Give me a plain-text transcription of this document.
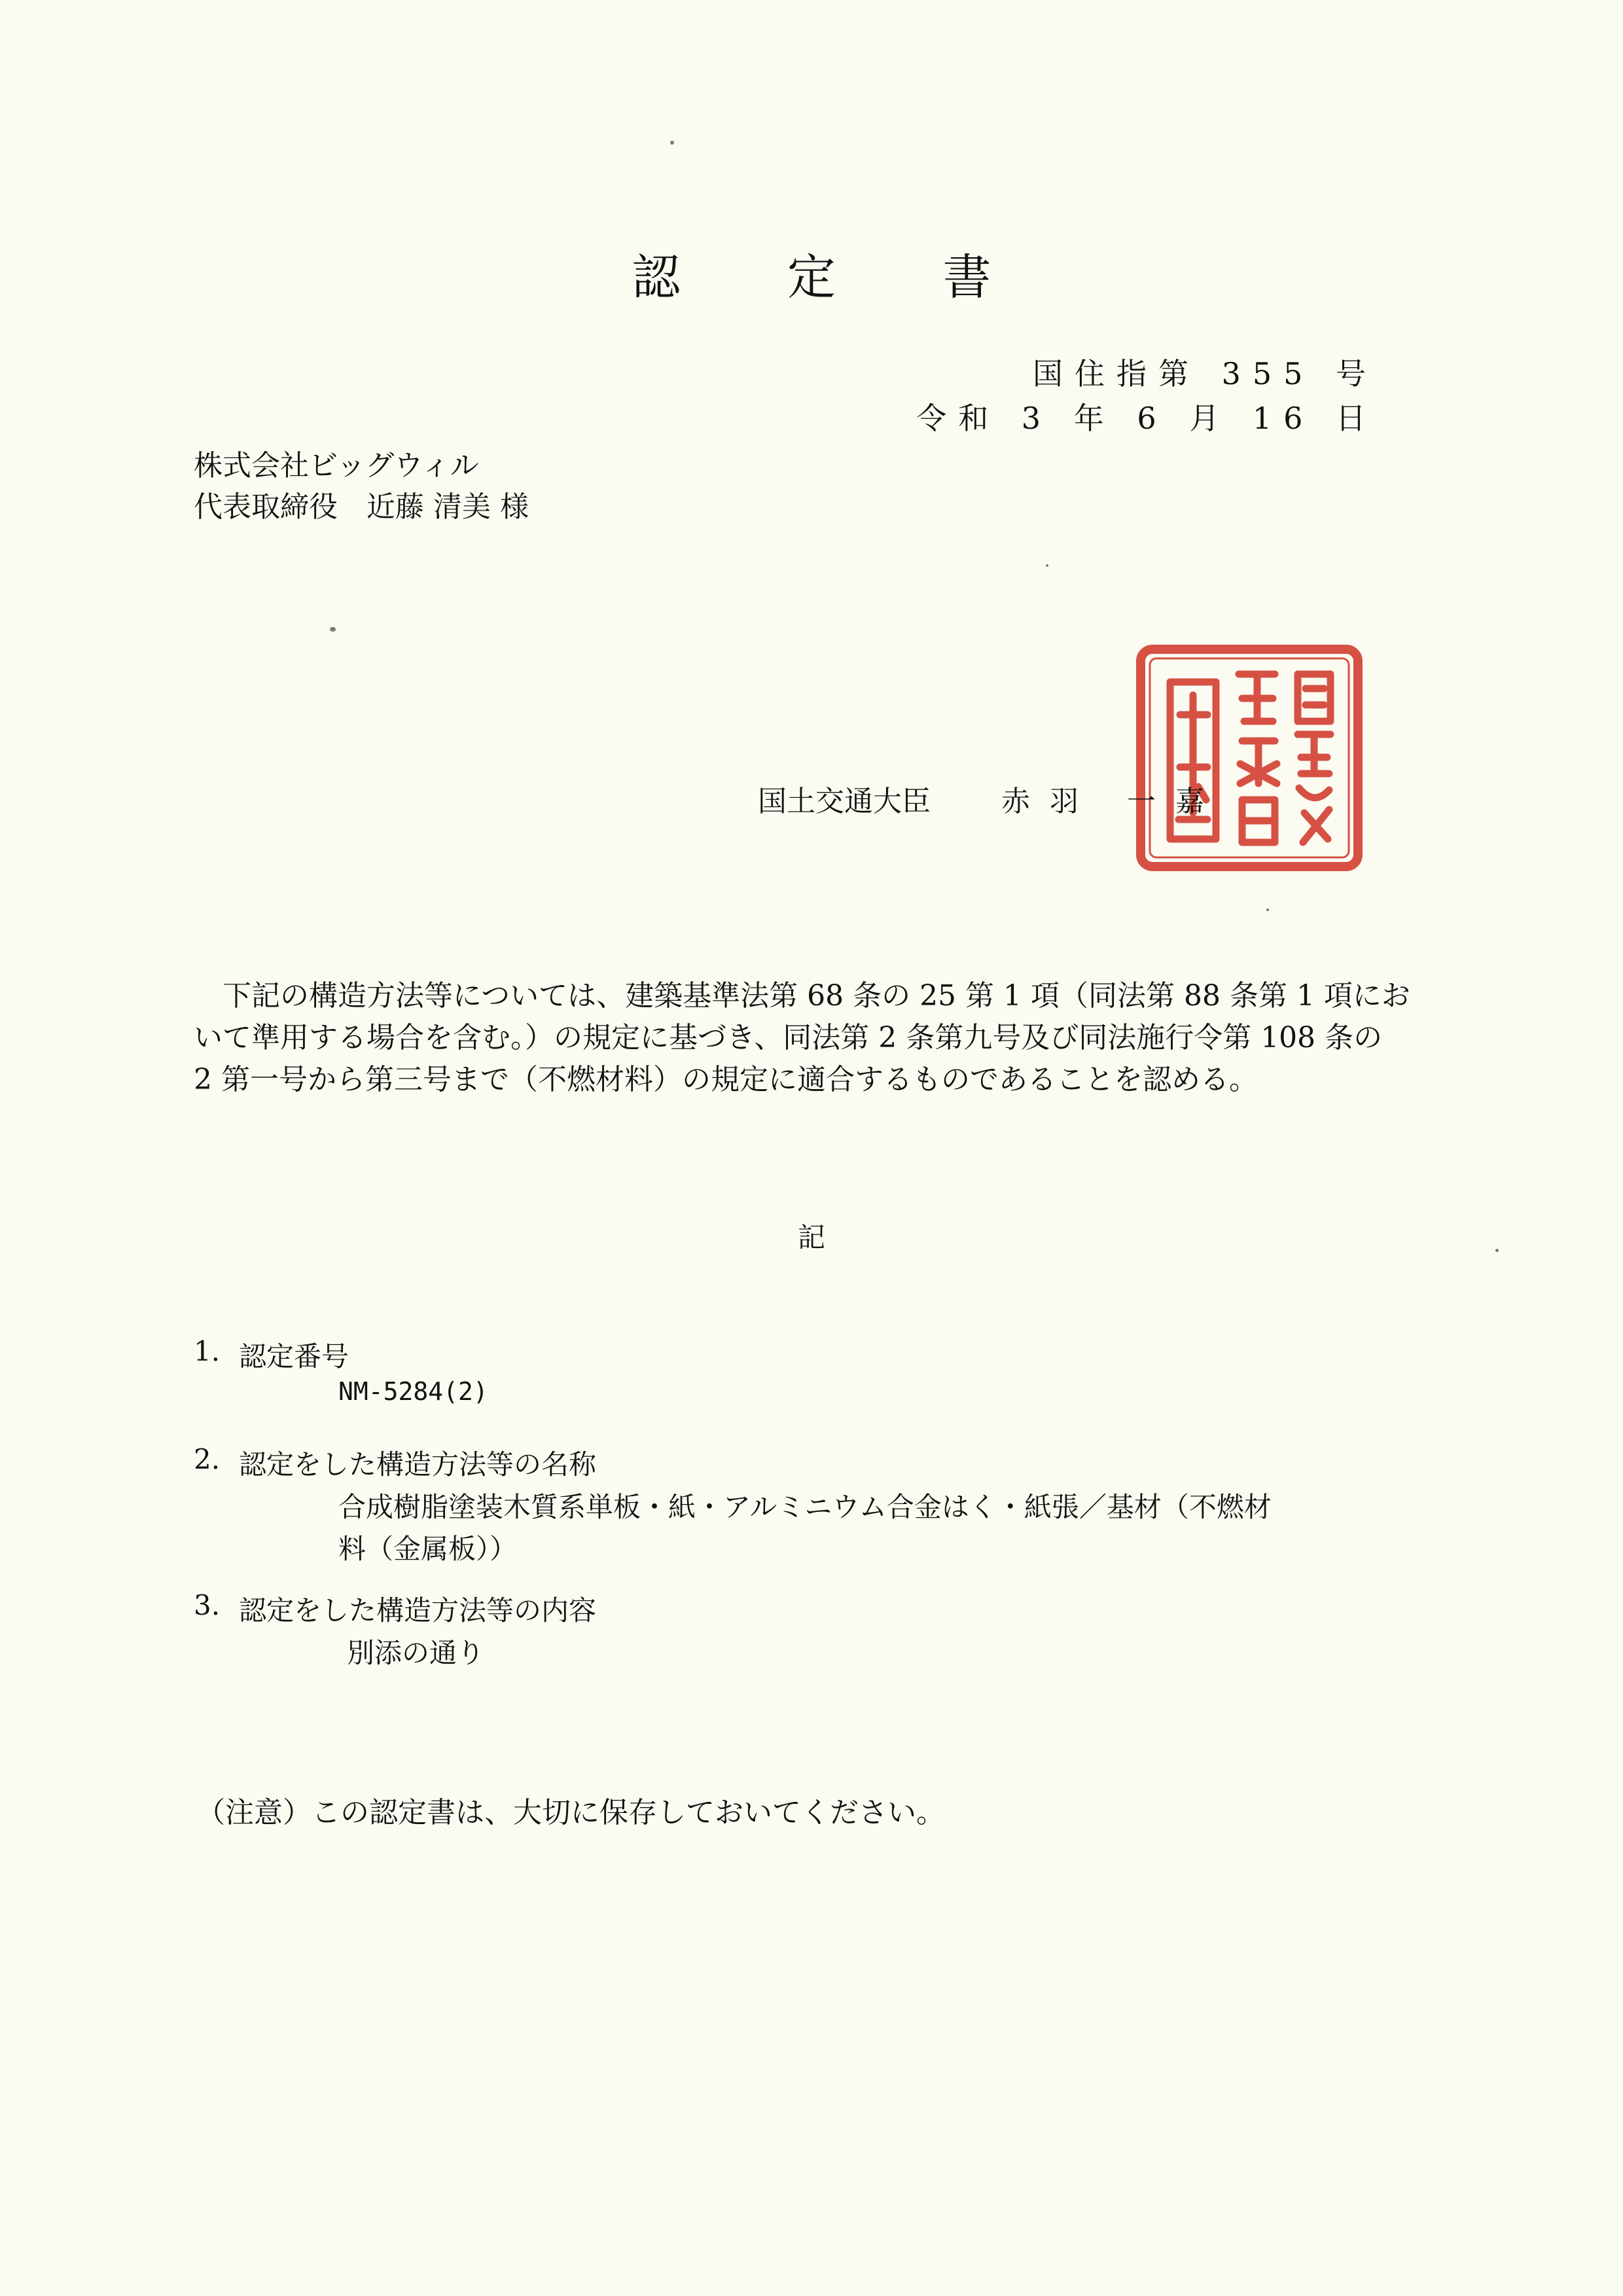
認 定 書
国住指第 355 号
令和 3 年 6 月 16 日
株式会社ビッグウィル
代表取締役　近藤 清美 様
国土交通大臣 赤羽 一嘉
　下記の構造方法等については、建築基準法第 68 条の 25 第 1 項（同法第 88 条第 1 項にお
いて準用する場合を含む。）の規定に基づき、同法第 2 条第九号及び同法施行令第 108 条の
2 第一号から第三号まで（不燃材料）の規定に適合するものであることを認める。
記
1. 認定番号
NM-5284(2)
2. 認定をした構造方法等の名称
合成樹脂塗装木質系単板・紙・アルミニウム合金はく・紙張／基材（不燃材
料（金属板））
3. 認定をした構造方法等の内容
別添の通り
（注意）この認定書は、大切に保存しておいてください。
